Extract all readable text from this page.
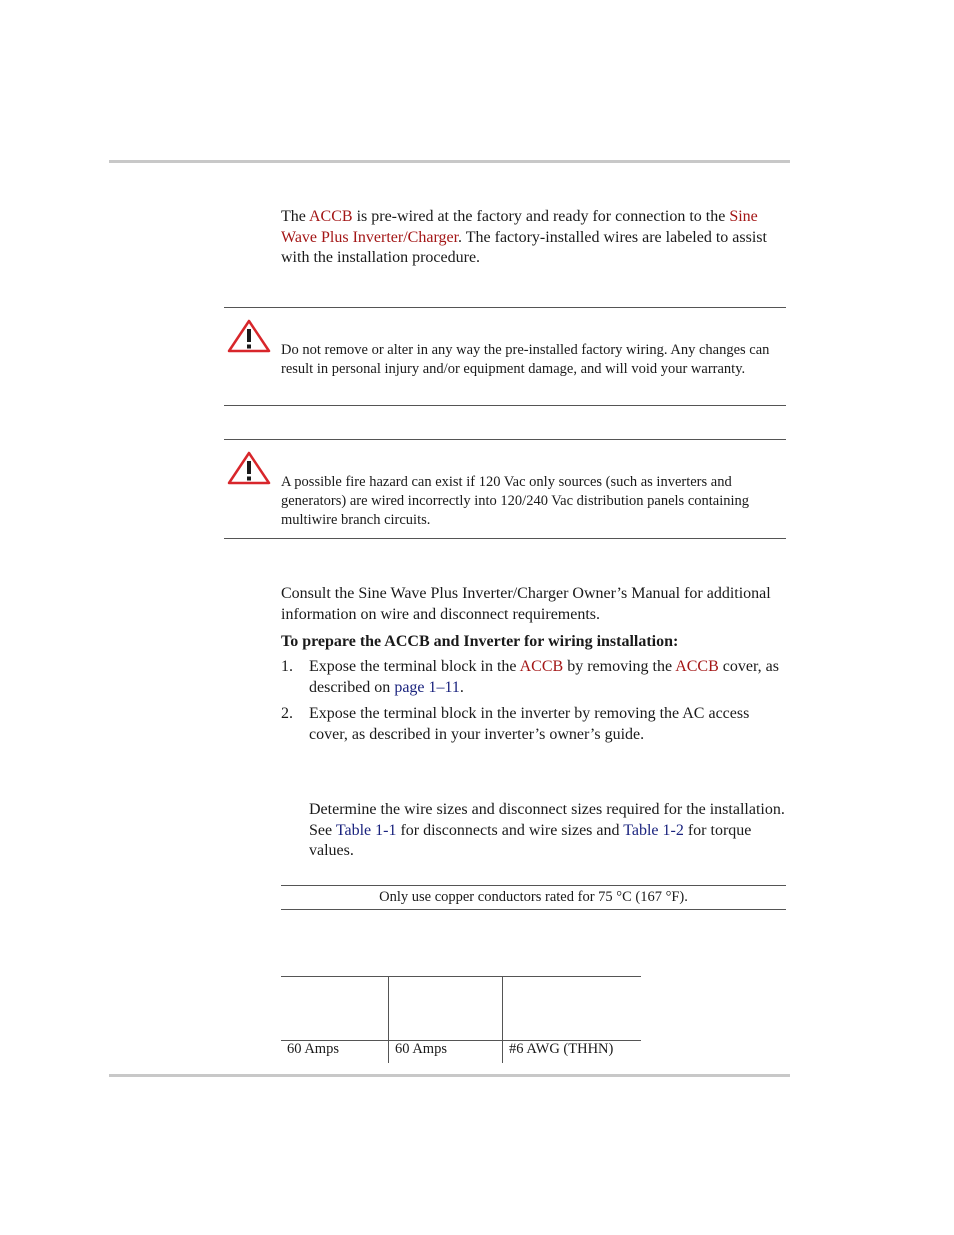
The ACCB is pre-wired at the factory and ready for connection to the Sine Wave Plus Inverter/Charger. The factory-installed wires are labeled to assist with the installation procedure.

Do not remove or alter in any way the pre-installed factory wiring. Any changes can result in personal injury and/or equipment damage, and will void your warranty.

A possible fire hazard can exist if 120 Vac only sources (such as inverters and generators) are wired incorrectly into 120/240 Vac distribution panels containing multiwire branch circuits.

Consult the Sine Wave Plus Inverter/Charger Owner’s Manual for additional information on wire and disconnect requirements.

To prepare the ACCB and Inverter for wiring installation:

1. Expose the terminal block in the ACCB by removing the ACCB cover, as described on page 1–11.
2. Expose the terminal block in the inverter by removing the AC access cover, as described in your inverter’s owner’s guide.

Determine the wire sizes and disconnect sizes required for the installation. See Table 1-1 for disconnects and wire sizes and Table 1-2 for torque values.

Only use copper conductors rated for 75 °C (167 °F).
60 Amps	60 Amps	#6 AWG (THHN)
